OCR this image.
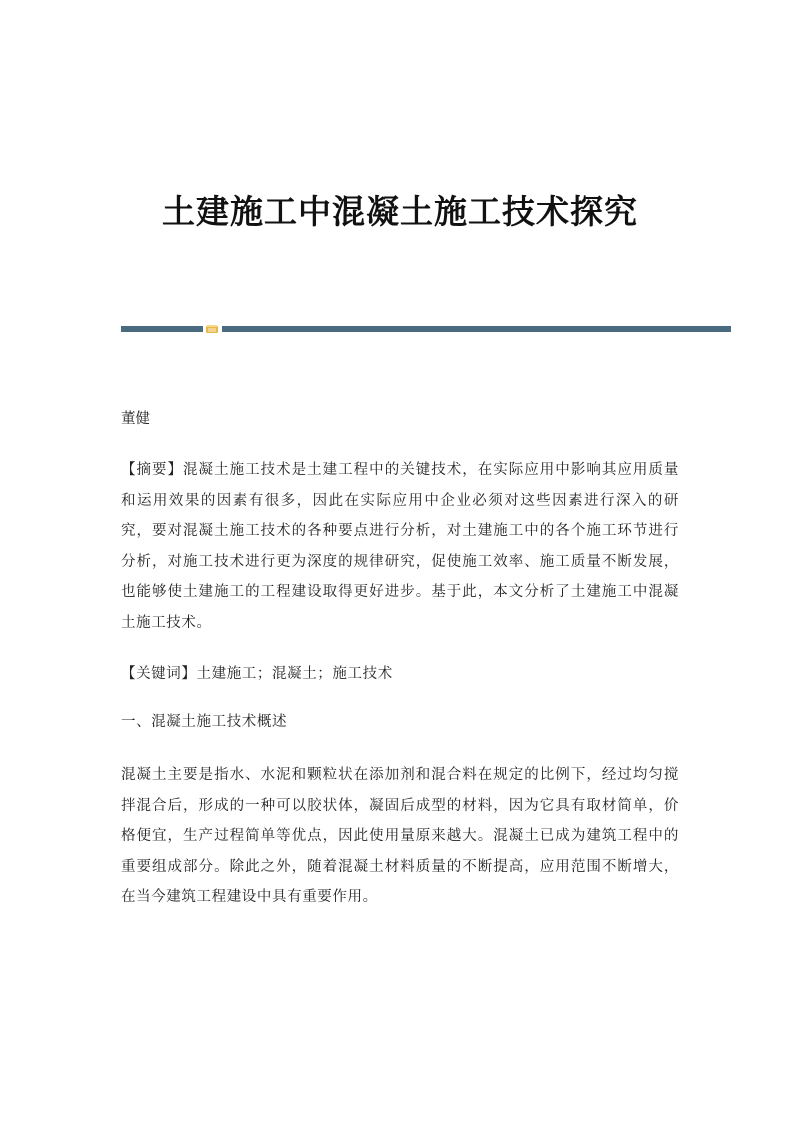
土建施工中混凝土施工技术探究

董健

【摘要】混凝土施工技术是土建工程中的关键技术，在实际应用中影响其应用质量和运用效果的因素有很多，因此在实际应用中企业必须对这些因素进行深入的研究，要对混凝土施工技术的各种要点进行分析，对土建施工中的各个施工环节进行分析，对施工技术进行更为深度的规律研究，促使施工效率、施工质量不断发展，也能够使土建施工的工程建设取得更好进步。基于此，本文分析了土建施工中混凝土施工技术。

【关键词】土建施工；混凝土；施工技术

一、混凝土施工技术概述

混凝土主要是指水、水泥和颗粒状在添加剂和混合料在规定的比例下，经过均匀搅拌混合后，形成的一种可以胶状体，凝固后成型的材料，因为它具有取材简单，价格便宜，生产过程简单等优点，因此使用量原来越大。混凝土已成为建筑工程中的重要组成部分。除此之外，随着混凝土材料质量的不断提高，应用范围不断增大，在当今建筑工程建设中具有重要作用。
